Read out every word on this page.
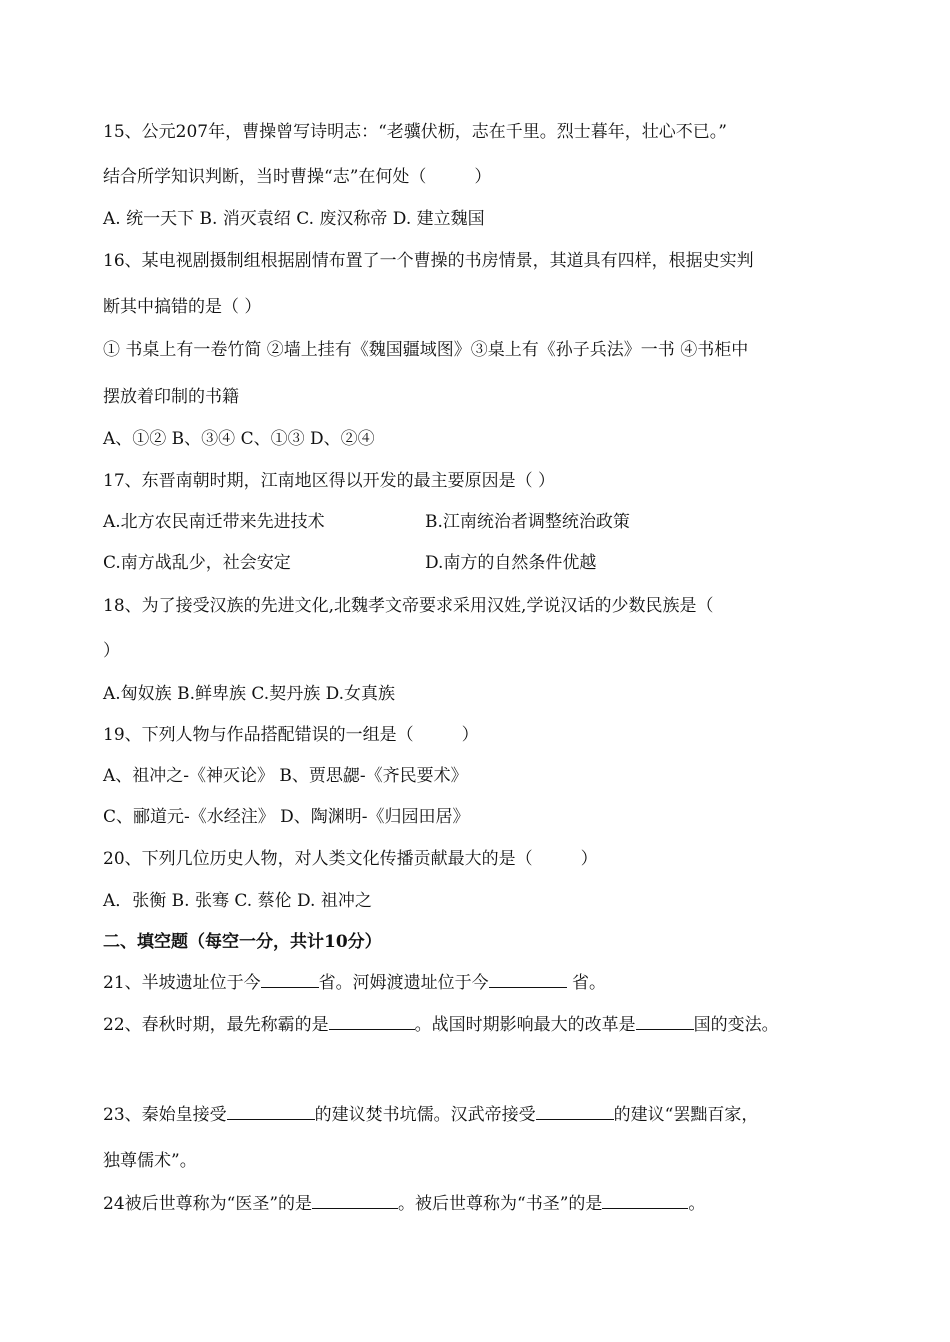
15、公元207年，曹操曾写诗明志：“老骥伏枥，志在千里。烈士暮年，壮心不已。”
结合所学知识判断，当时曹操“志”在何处（	）
A. 统一天下 B. 消灭袁绍 C. 废汉称帝 D. 建立魏国
16、某电视剧摄制组根据剧情布置了一个曹操的书房情景，其道具有四样，根据史实判
断其中搞错的是（ ）
① 书桌上有一卷竹简 ②墙上挂有《魏国疆域图》③桌上有《孙子兵法》一书 ④书柜中
摆放着印制的书籍
A、①② B、③④ C、①③ D、②④
17、东晋南朝时期，江南地区得以开发的最主要原因是（ ）
A.北方农民南迁带来先进技术	B.江南统治者调整统治政策
C.南方战乱少，社会安定	D.南方的自然条件优越
18、为了接受汉族的先进文化,北魏孝文帝要求采用汉姓,学说汉话的少数民族是（
）
A.匈奴族 B.鲜卑族 C.契丹族 D.女真族
19、下列人物与作品搭配错误的一组是（	）
A、祖冲之-《神灭论》 B、贾思勰-《齐民要术》
C、郦道元-《水经注》 D、陶渊明-《归园田居》
20、下列几位历史人物，对人类文化传播贡献最大的是（	）
A．张衡 B. 张骞 C. 蔡伦 D. 祖冲之
二、填空题（每空一分，共计10分）
21、半坡遗址位于今	省。河姆渡遗址位于今	省。
22、春秋时期，最先称霸的是	。战国时期影响最大的改革是	国的变法。
23、秦始皇接受	的建议焚书坑儒。汉武帝接受	的建议“罢黜百家，
独尊儒术”。
24被后世尊称为“医圣”的是	。被后世尊称为“书圣”的是	。
